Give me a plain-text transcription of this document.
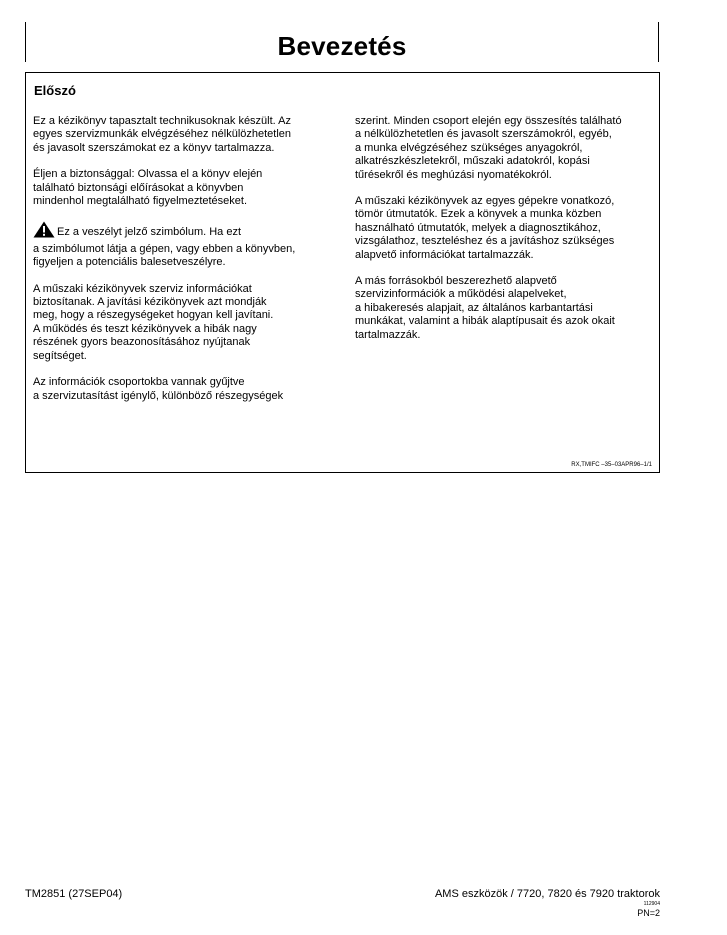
Bevezetés
Előszó

Ez a kézikönyv tapasztalt technikusoknak készült. Az
egyes szervizmunkák elvégzéséhez nélkülözhetetlen
és javasolt szerszámokat ez a könyv tartalmazza.

Éljen a biztonsággal: Olvassa el a könyv elején
található biztonsági előírásokat a könyvben
mindenhol megtalálható figyelmeztetéseket.

Ez a veszélyt jelző szimbólum. Ha ezt
a szimbólumot látja a gépen, vagy ebben a könyvben,
figyeljen a potenciális balesetveszélyre.

A műszaki kézikönyvek szerviz információkat
biztosítanak. A javítási kézikönyvek azt mondják
meg, hogy a részegységeket hogyan kell javítani.
A működés és teszt kézikönyvek a hibák nagy
részének gyors beazonosításához nyújtanak
segítséget.

Az információk csoportokba vannak gyűjtve
a szervizutasítást igénylő, különböző részegységek

szerint. Minden csoport elején egy összesítés található
a nélkülözhetetlen és javasolt szerszámokról, egyéb,
a munka elvégzéséhez szükséges anyagokról,
alkatrészkészletekről, műszaki adatokról, kopási
tűrésekről és meghúzási nyomatékokról.

A műszaki kézikönyvek az egyes gépekre vonatkozó,
tömör útmutatók. Ezek a könyvek a munka közben
használható útmutatók, melyek a diagnosztikához,
vizsgálathoz, teszteléshez és a javításhoz szükséges
alapvető információkat tartalmazzák.

A más forrásokból beszerezhető alapvető
szervizinformációk a működési alapelveket,
a hibakeresés alapjait, az általános karbantartási
munkákat, valamint a hibák alaptípusait és azok okait
tartalmazzák.

RX,TMIFC –35–03APR96–1/1
TM2851 (27SEP04)	AMS eszközök / 7720, 7820 és 7920 traktorok
112904
PN=2
